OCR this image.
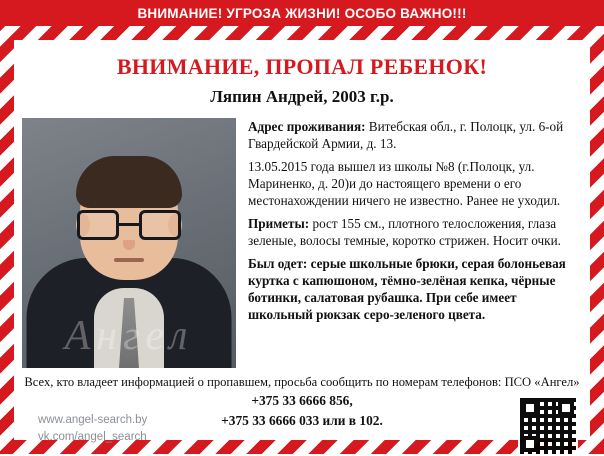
ВНИМАНИЕ! УГРОЗА ЖИЗНИ! ОСОБО ВАЖНО!!!
ВНИМАНИЕ, ПРОПАЛ РЕБЕНОК!
Ляпин Андрей, 2003 г.р.
Ангел

Адрес проживания: Витебская обл., г. Полоцк, ул. 6-ой Гвардейской Армии, д. 13.

13.05.2015 года вышел из школы №8 (г.Полоцк, ул. Мариненко, д. 20)и до настоящего времени о его местонахождении ничего не известно. Ранее не уходил.

Приметы: рост 155 см., плотного телосложения, глаза зеленые, волосы темные, коротко стрижен. Носит очки.

Был одет: серые школьные брюки, серая болоньевая куртка с капюшоном, тёмно-зелёная кепка, чёрные ботинки, салатовая рубашка. При себе имеет школьный рюкзак серо-зеленого цвета.

Всех, кто владеет информацией о пропавшем, просьба сообщить по номерам телефонов: ПСО «Ангел»
+375 33 6666 856,
+375 33 6666 033 или в 102.
www.angel-search.by
vk.com/angel_search
